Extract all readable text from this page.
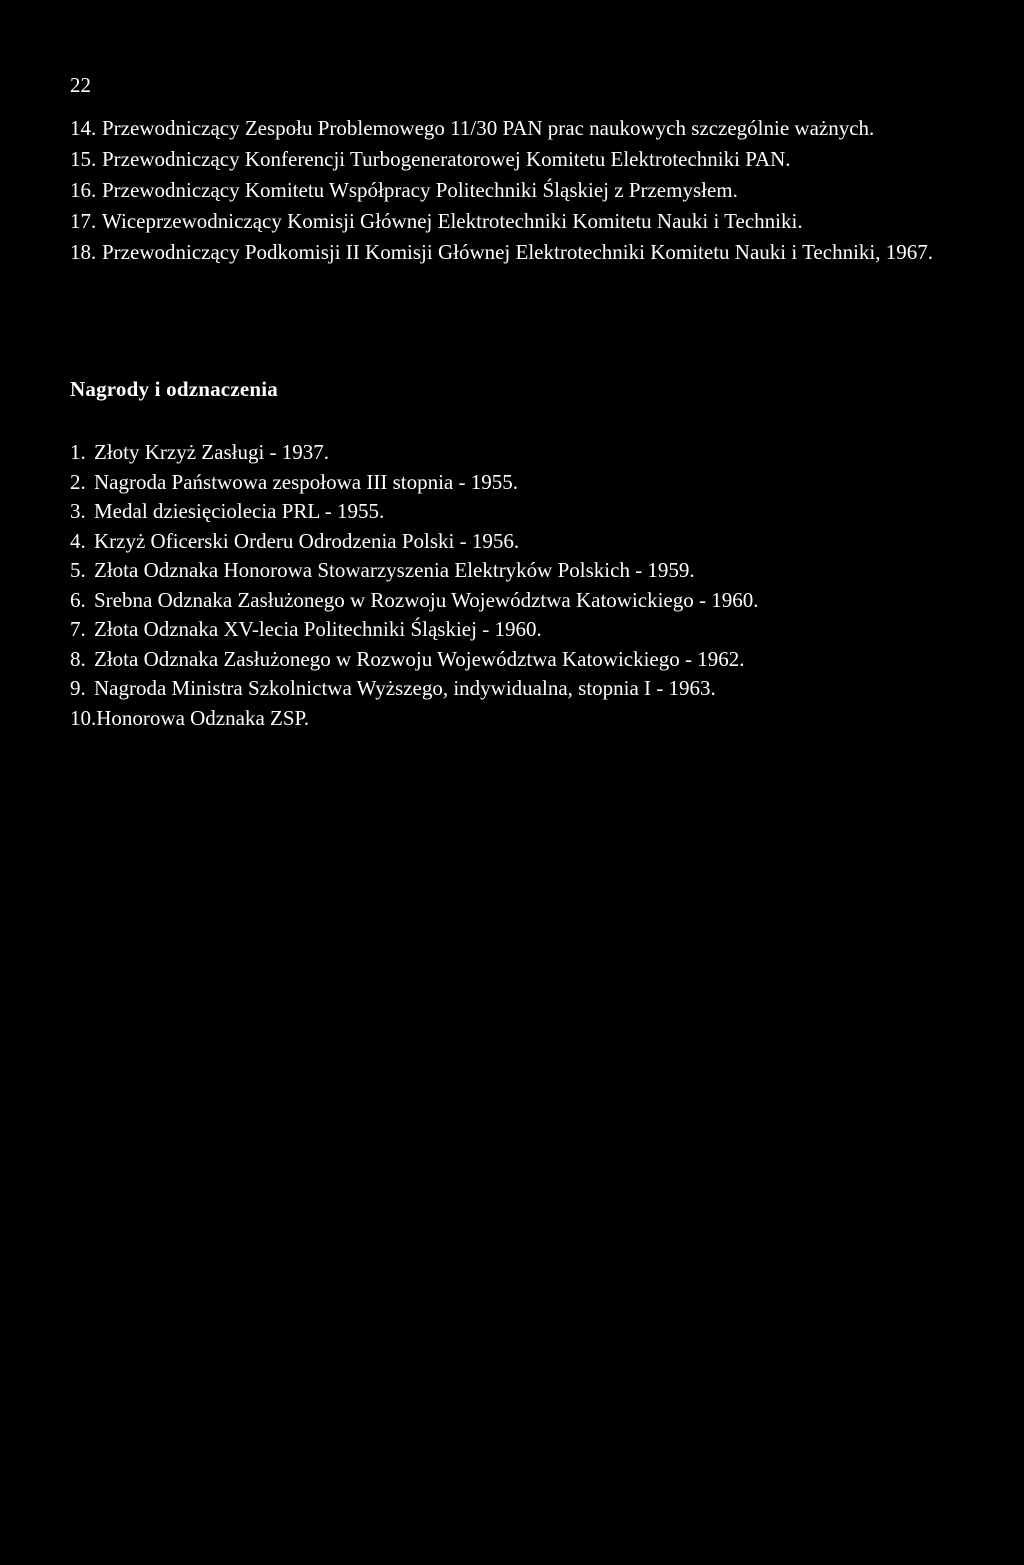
22
14. Przewodniczący Zespołu Problemowego 11/30 PAN prac naukowych szczególnie ważnych.
15. Przewodniczący Konferencji Turbogeneratorowej Komitetu Elektrotechniki PAN.
16. Przewodniczący Komitetu Współpracy Politechniki Śląskiej z Przemysłem.
17. Wiceprzewodniczący Komisji Głównej Elektrotechniki Komitetu Nauki i Techniki.
18. Przewodniczący Podkomisji II Komisji Głównej Elektrotechniki Komitetu Nauki i Techniki, 1967.
Nagrody i odznaczenia
1. Złoty Krzyż Zasługi - 1937.
2. Nagroda Państwowa zespołowa III stopnia - 1955.
3. Medal dziesięciolecia PRL - 1955.
4. Krzyż Oficerski Orderu Odrodzenia Polski - 1956.
5. Złota Odznaka Honorowa Stowarzyszenia Elektryków Polskich - 1959.
6. Srebna Odznaka Zasłużonego w Rozwoju Województwa Katowickiego - 1960.
7. Złota Odznaka XV-lecia Politechniki Śląskiej - 1960.
8. Złota Odznaka Zasłużonego w Rozwoju Województwa Katowickiego - 1962.
9. Nagroda Ministra Szkolnictwa Wyższego, indywidualna, stopnia I - 1963.
10.Honorowa Odznaka ZSP.
